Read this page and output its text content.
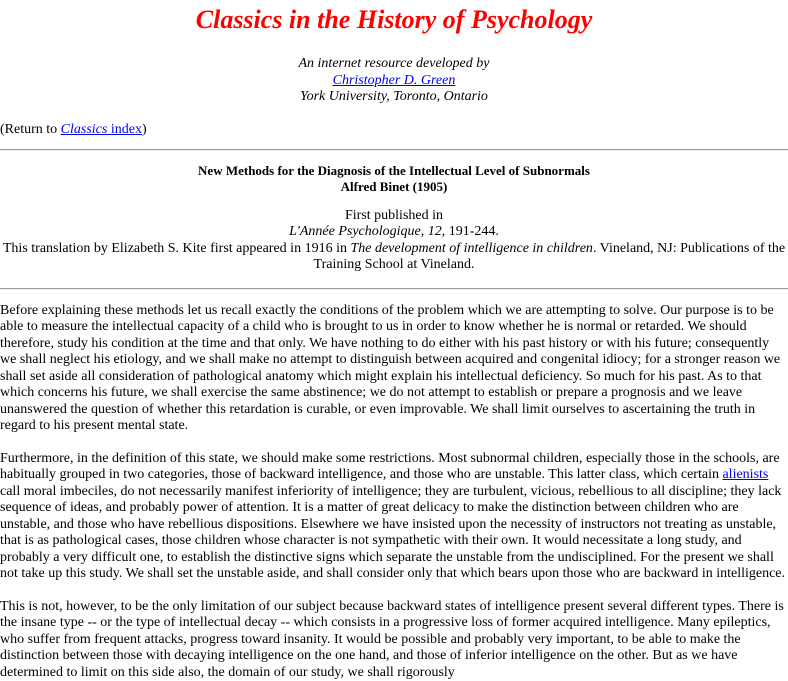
Classics in the History of Psychology
An internet resource developed by
Christopher D. Green
York University, Toronto, Ontario
(Return to Classics index)
New Methods for the Diagnosis of the Intellectual Level of Subnormals
Alfred Binet (1905)
First published in
L'Année Psychologique, 12, 191-244.
This translation by Elizabeth S. Kite first appeared in 1916 in The development of intelligence in children. Vineland, NJ: Publications of the Training School at Vineland.

Before explaining these methods let us recall exactly the conditions of the problem which we are attempting to solve. Our purpose is to be able to measure the intellectual capacity of a child who is brought to us in order to know whether he is normal or retarded. We should therefore, study his condition at the time and that only. We have nothing to do either with his past history or with his future; consequently we shall neglect his etiology, and we shall make no attempt to distinguish between acquired and congenital idiocy; for a stronger reason we shall set aside all consideration of pathological anatomy which might explain his intellectual deficiency. So much for his past. As to that which concerns his future, we shall exercise the same abstinence; we do not attempt to establish or prepare a prognosis and we leave unanswered the question of whether this retardation is curable, or even improvable. We shall limit ourselves to ascertaining the truth in regard to his present mental state.

Furthermore, in the definition of this state, we should make some restrictions. Most subnormal children, especially those in the schools, are habitually grouped in two categories, those of backward intelligence, and those who are unstable. This latter class, which certain alienists call moral imbeciles, do not necessarily manifest inferiority of intelligence; they are turbulent, vicious, rebellious to all discipline; they lack sequence of ideas, and probably power of attention. It is a matter of great delicacy to make the distinction between children who are unstable, and those who have rebellious dispositions. Elsewhere we have insisted upon the necessity of instructors not treating as unstable, that is as pathological cases, those children whose character is not sympathetic with their own. It would necessitate a long study, and probably a very difficult one, to establish the distinctive signs which separate the unstable from the undisciplined. For the present we shall not take up this study. We shall set the unstable aside, and shall consider only that which bears upon those who are backward in intelligence.

This is not, however, to be the only limitation of our subject because backward states of intelligence present several different types. There is the insane type -- or the type of intellectual decay -- which consists in a progressive loss of former acquired intelligence. Many epileptics, who suffer from frequent attacks, progress toward insanity. It would be possible and probably very important, to be able to make the distinction between those with decaying intelligence on the one hand, and those of inferior intelligence on the other. But as we have determined to limit on this side also, the domain of our study, we shall rigorously
